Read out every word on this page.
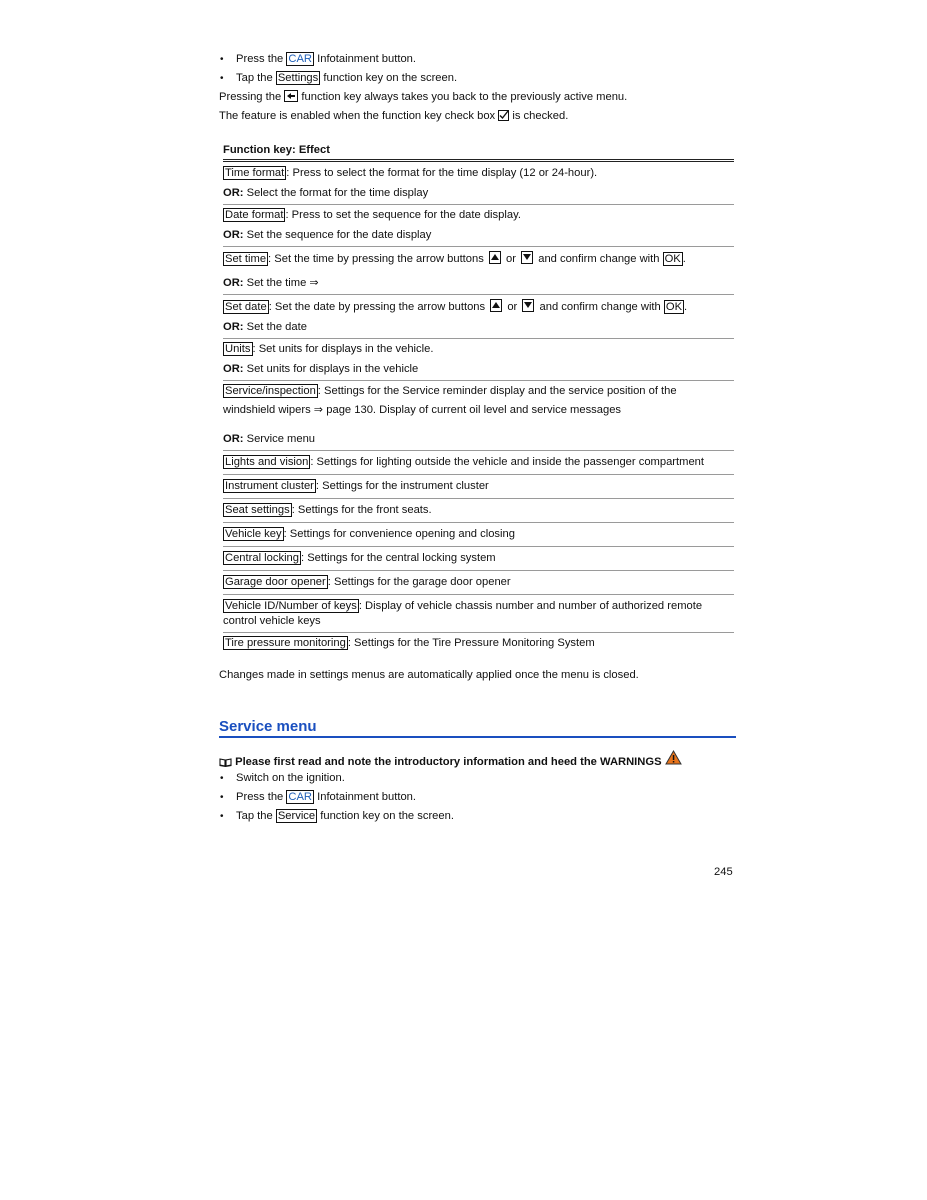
• Press the CAR Infotainment button.
• Tap the Settings function key on the screen.
Pressing the  function key always takes you back to the previously active menu.
The feature is enabled when the function key check box  is checked.
Function key: Effect
Time format : Press to select the format for the time display (12 or 24-hour).
OR: Select the format for the time display
Date format : Press to set the sequence for the date display.
OR: Set the sequence for the date display
Set time : Set the time by pressing the arrow buttons  or  and confirm change with OK .
OR: Set the time ⇒
Set date : Set the date by pressing the arrow buttons  or  and confirm change with OK .
OR: Set the date
Units : Set units for displays in the vehicle.
OR: Set units for displays in the vehicle
Service/inspection : Settings for the Service reminder display and the service position of the
windshield wipers ⇒ page 130. Display of current oil level and service messages
OR: Service menu
Lights and vision : Settings for lighting outside the vehicle and inside the passenger compartment
Instrument cluster : Settings for the instrument cluster
Seat settings : Settings for the front seats.
Vehicle key : Settings for convenience opening and closing
Central locking : Settings for the central locking system
Garage door opener : Settings for the garage door opener
Vehicle ID/Number of keys : Display of vehicle chassis number and number of authorized remote
control vehicle keys
Tire pressure monitoring : Settings for the Tire Pressure Monitoring System
Changes made in settings menus are automatically applied once the menu is closed.
Service menu
Please first read and note the introductory information and heed the WARNINGS
• Switch on the ignition.
• Press the CAR Infotainment button.
• Tap the Service function key on the screen.
245
